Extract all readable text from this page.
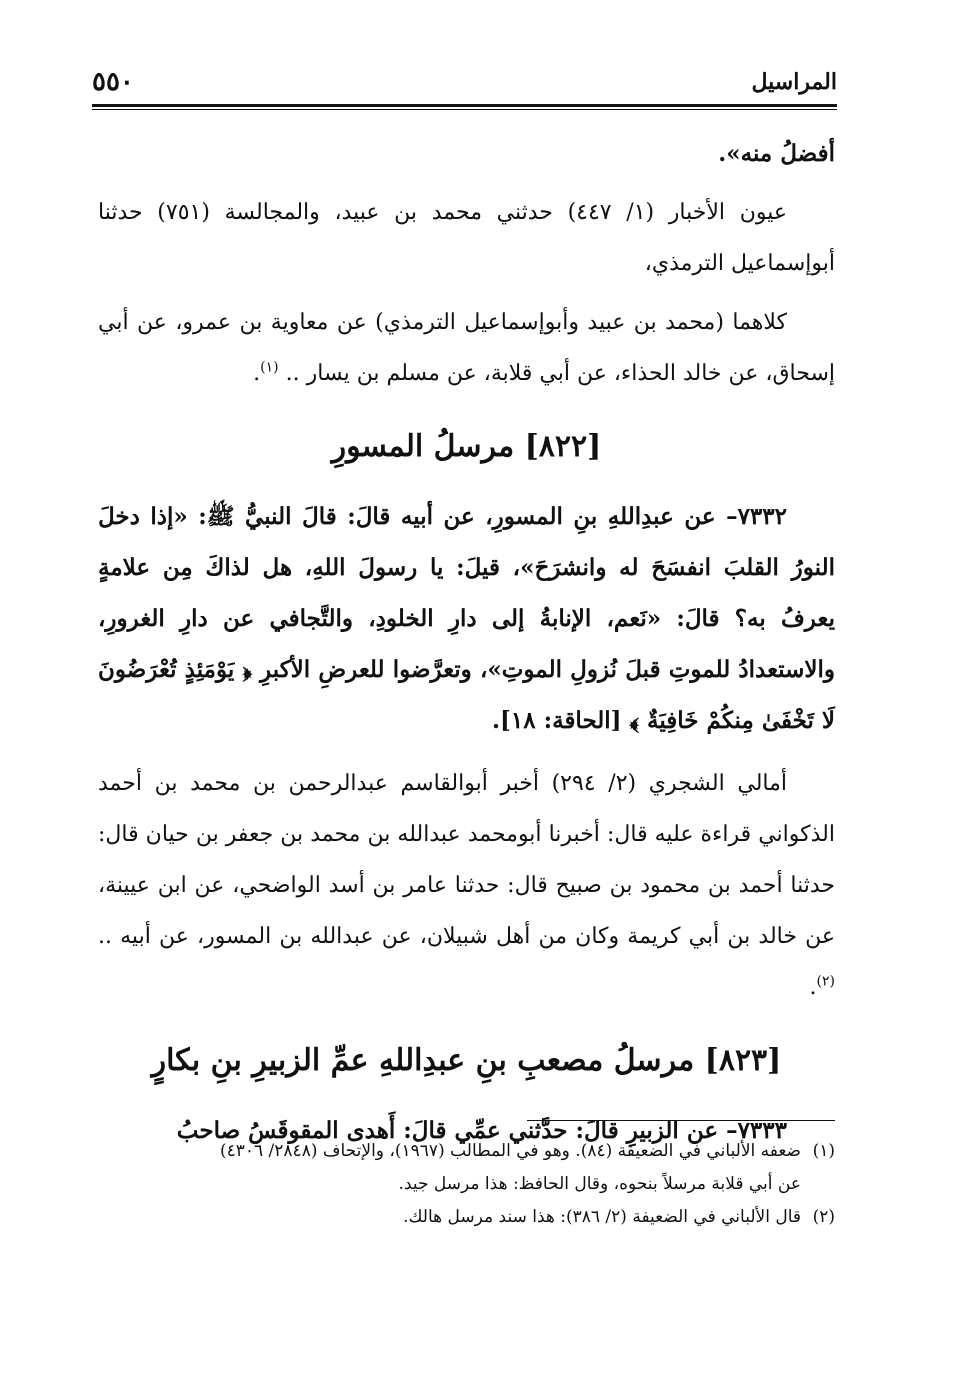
المراسيل
٥٥٠

أفضلُ منه».

عيون الأخبار (١/ ٤٤٧) حدثني محمد بن عبيد، والمجالسة (٧٥١) حدثنا أبوإسماعيل الترمذي،

كلاهما (محمد بن عبيد وأبوإسماعيل الترمذي) عن معاوية بن عمرو، عن أبي إسحاق، عن خالد الحذاء، عن أبي قلابة، عن مسلم بن يسار .. $^{(١)}$.

[٨٢٢] مرسلُ المسورِ

٧٣٣٢– عن عبدِاللهِ بنِ المسورِ، عن أبيه قالَ: قالَ النبيُّ ﷺ: «إذا دخلَ النورُ القلبَ انفسَحَ له وانشرَحَ»، قيلَ: يا رسولَ اللهِ، هل لذاكَ مِن علامةٍ يعرفُ به؟ قالَ: «نَعم، الإنابةُ إلى دارِ الخلودِ، والتَّجافي عن دارِ الغرورِ، والاستعدادُ للموتِ قبلَ نُزولِ الموتِ»، وتعرَّضوا للعرضِ الأكبرِ ﴿ يَوْمَئِذٍ تُعْرَضُونَ لَا تَخْفَىٰ مِنكُمْ خَافِيَةٌ ﴾ [الحاقة: ١٨].

أمالي الشجري (٢/ ٢٩٤) أخبر أبوالقاسم عبدالرحمن بن محمد بن أحمد الذكواني قراءة عليه قال: أخبرنا أبومحمد عبدالله بن محمد بن جعفر بن حيان قال: حدثنا أحمد بن محمود بن صبيح قال: حدثنا عامر بن أسد الواضحي، عن ابن عيينة، عن خالد بن أبي كريمة وكان من أهل شبيلان، عن عبدالله بن المسور، عن أبيه .. $^{(٢)}$.

[٨٢٣] مرسلُ مصعبِ بنِ عبدِاللهِ عمِّ الزبيرِ بنِ بكارٍ

٧٣٣٣– عن الزبيرِ قالَ: حدَّثني عمِّي قالَ: أَهدى المقوقَسُ صاحبُ

(١)ضعفه الألباني في الضعيفة (٨٤). وهو في المطالب (١٩٦٧)، والإتحاف (٢٨٤٨/ ٤٣٠٦)

عن أبي قلابة مرسلاً بنحوه، وقال الحافظ: هذا مرسل جيد.

(٢)قال الألباني في الضعيفة (٢/ ٣٨٦): هذا سند مرسل هالك.
